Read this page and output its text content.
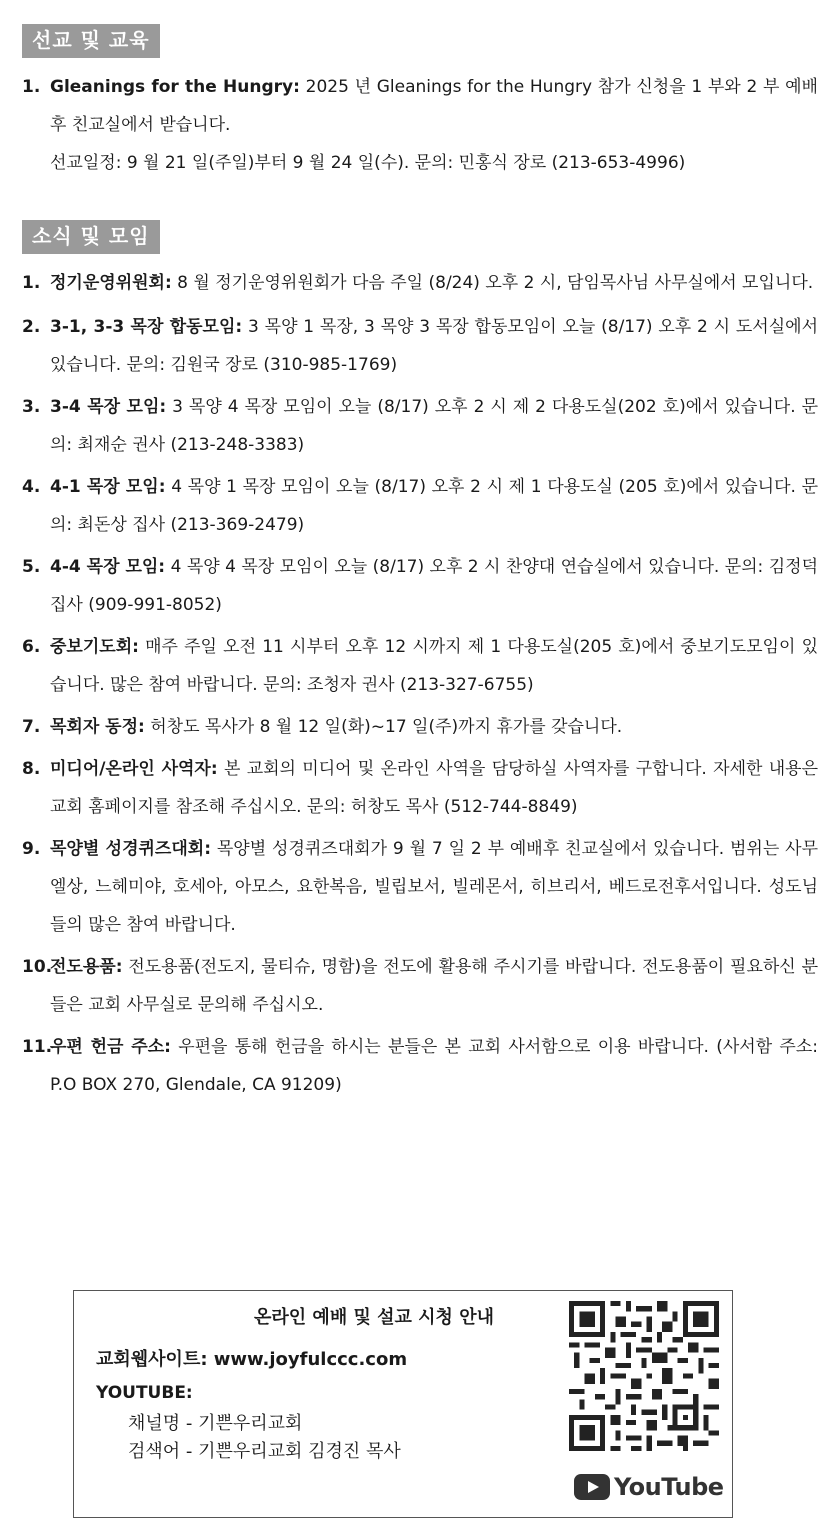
선교 및 교육
1. Gleanings for the Hungry: 2025 년 Gleanings for the Hungry 참가 신청을 1 부와 2 부 예배후 친교실에서 받습니다.
선교일정: 9 월 21 일(주일)부터 9 월 24 일(수). 문의: 민홍식 장로 (213-653-4996)
소식 및 모임
1. 정기운영위원회: 8 월 정기운영위원회가 다음 주일 (8/24) 오후 2 시, 담임목사님 사무실에서 모입니다.
2. 3-1, 3-3 목장 합동모임: 3 목양 1 목장, 3 목양 3 목장 합동모임이 오늘 (8/17) 오후 2 시 도서실에서 있습니다. 문의: 김원국 장로 (310-985-1769)
3. 3-4 목장 모임: 3 목양 4 목장 모임이 오늘 (8/17) 오후 2 시 제 2 다용도실(202 호)에서 있습니다. 문의: 최재순 권사 (213-248-3383)
4. 4-1 목장 모임: 4 목양 1 목장 모임이 오늘 (8/17) 오후 2 시 제 1 다용도실 (205 호)에서 있습니다. 문의: 최돈상 집사 (213-369-2479)
5. 4-4 목장 모임: 4 목양 4 목장 모임이 오늘 (8/17) 오후 2 시 찬양대 연습실에서 있습니다. 문의: 김정덕 집사 (909-991-8052)
6. 중보기도회: 매주 주일 오전 11 시부터 오후 12 시까지 제 1 다용도실(205 호)에서 중보기도모임이 있습니다. 많은 참여 바랍니다. 문의: 조청자 권사 (213-327-6755)
7. 목회자 동정: 허창도 목사가 8 월 12 일(화)~17 일(주)까지 휴가를 갖습니다.
8. 미디어/온라인 사역자: 본 교회의 미디어 및 온라인 사역을 담당하실 사역자를 구합니다. 자세한 내용은 교회 홈페이지를 참조해 주십시오. 문의: 허창도 목사 (512-744-8849)
9. 목양별 성경퀴즈대회: 목양별 성경퀴즈대회가 9 월 7 일 2 부 예배후 친교실에서 있습니다. 범위는 사무엘상, 느헤미야, 호세아, 아모스, 요한복음, 빌립보서, 빌레몬서, 히브리서, 베드로전후서입니다. 성도님들의 많은 참여 바랍니다.
10.
전도용품: 전도용품(전도지, 물티슈, 명함)을 전도에 활용해 주시기를 바랍니다. 전도용품이 필요하신 분들은 교회 사무실로 문의해 주십시오.
11.
우편 헌금 주소: 우편을 통해 헌금을 하시는 분들은 본 교회 사서함으로 이용 바랍니다. (사서함 주소: P.O BOX 270, Glendale, CA 91209)
온라인 예배 및 설교 시청 안내
교회웹사이트: www.joyfulccc.com
YOUTUBE:
채널명 - 기쁜우리교회
검색어 - 기쁜우리교회 김경진 목사
YouTube
